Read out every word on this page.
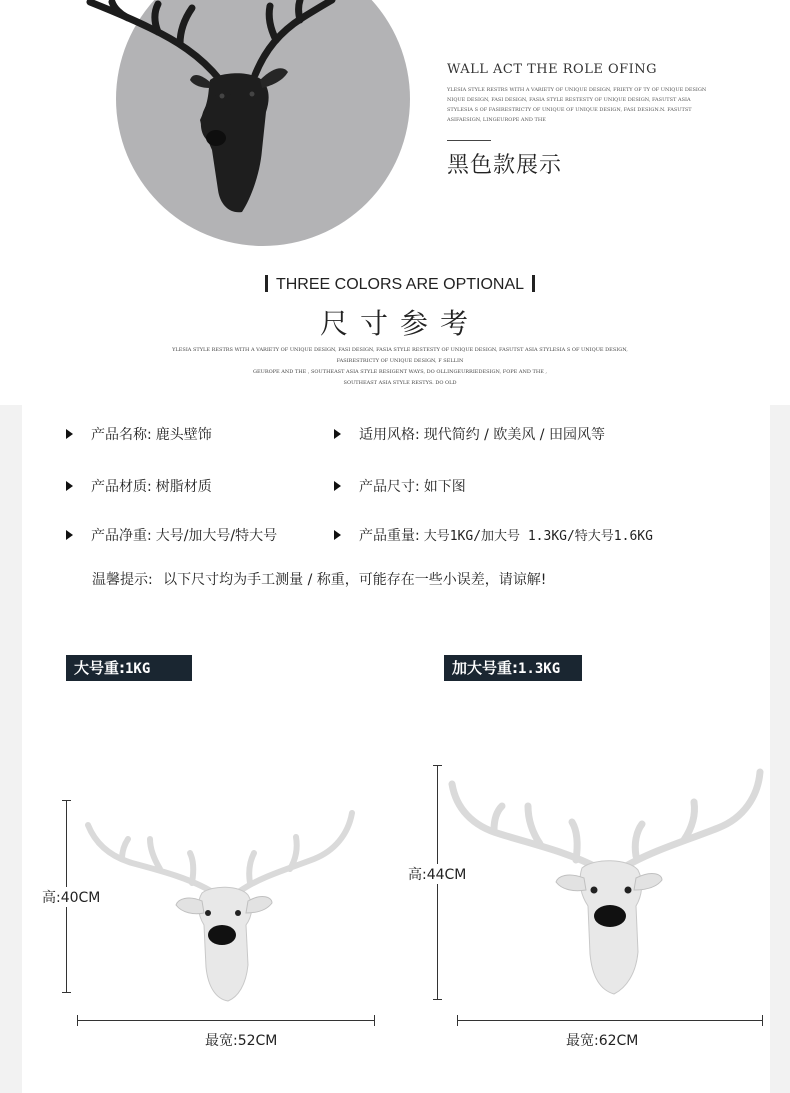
WALL ACT THE ROLE OFING
YLESIA STYLE RESTRS WITH A VARIETY OF UNIQUE DESIGN, FRIETY OF TY OF UNIQUE DESIGN NIQUE DESIGN, FASI DESIGN, FASIA STYLE RESTESTY OF UNIQUE DESIGN, FASUTST ASIA STYLESIA S OF FASIRESTRICTY OF UNIQUE OF UNIQUE DESIGN, FASI DESIGN.N. FASUTST ASIFAESIGN, LINGEUROPE AND THE
黑色款展示
THREE COLORS ARE OPTIONAL
尺寸参考
YLESIA STYLE RESTRS WITH A VARIETY OF UNIQUE DESIGN, FASI DESIGN, FASIA STYLE RESTESTY OF UNIQUE DESIGN, FASUTST ASIA STYLESIA S OF UNIQUE DESIGN, FASIRESTRICTY OF UNIQUE DESIGN, F SELLIN
GEUROPE AND THE , SOUTHEAST ASIA STYLE RESIGENT WAYS, DO OLLINGEURRIEDESIGN, FOPE AND THE ,
SOUTHEAST ASIA STYLE RESTYS. DO OLD
产品名称: 鹿头壁饰	适用风格: 现代简约 / 欧美风 / 田园风等
产品材质: 树脂材质	产品尺寸: 如下图
产品净重: 大号/加大号/特大号	产品重量: 大号1KG/加大号 1.3KG/特大号1.6KG
温馨提示: 以下尺寸均为手工测量 / 称重，可能存在一些小误差，请谅解!
大号重:1KG	加大号重:1.3KG
高:40CM
最宽:52CM
高:44CM
最宽:62CM
